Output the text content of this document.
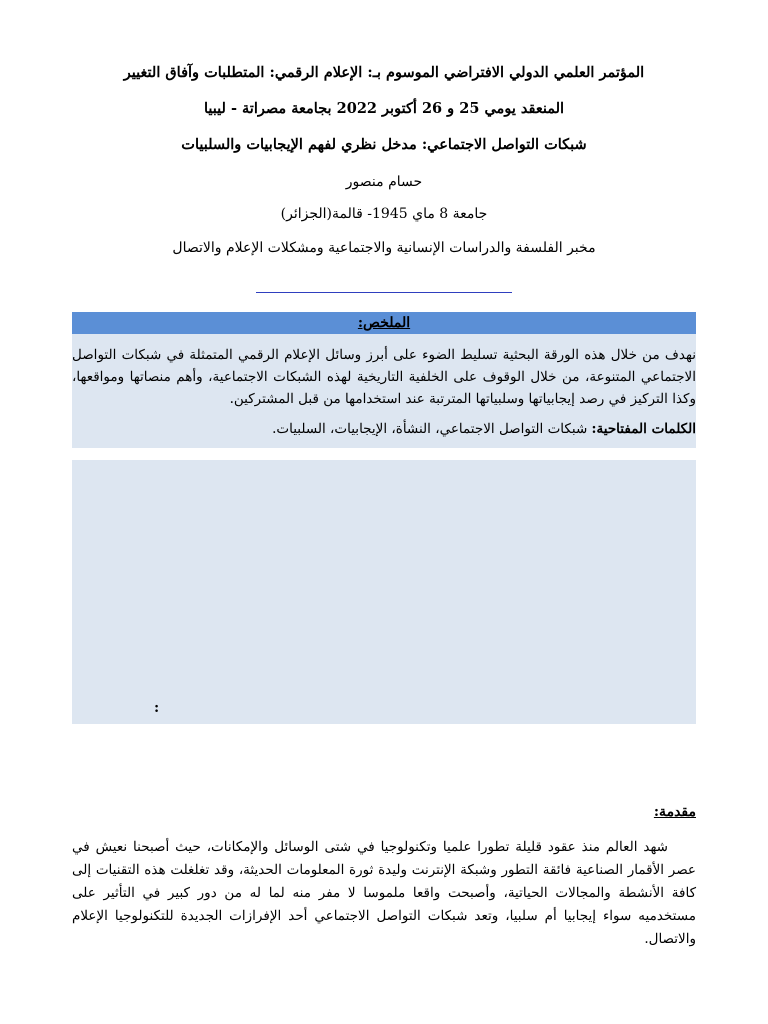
المؤتمر العلمي الدولي الافتراضي الموسوم بـ: الإعلام الرقمي: المتطلبات وآفاق التغيير
المنعقد يومي 25 و 26 أكتوبر 2022 بجامعة مصراتة - ليبيا
شبكات التواصل الاجتماعي: مدخل نظري لفهم الإيجابيات والسلبيات
حسام منصور
جامعة 8 ماي 1945- قالمة(الجزائر)
مخبر الفلسفة والدراسات الإنسانية والاجتماعية ومشكلات الإعلام والاتصال
الملخص:

نهدف من خلال هذه الورقة البحثية تسليط الضوء على أبرز وسائل الإعلام الرقمي المتمثلة في شبكات التواصل الاجتماعي المتنوعة، من خلال الوقوف على الخلفية التاريخية لهذه الشبكات الاجتماعية، وأهم منصاتها ومواقعها، وكذا التركيز في رصد إيجابياتها وسلبياتها المترتبة عند استخدامها من قبل المشتركين.

الكلمات المفتاحية: شبكات التواصل الاجتماعي، النشأة، الإيجابيات، السلبيات.

:
مقدمة:

شهد العالم منذ عقود قليلة تطورا علميا وتكنولوجيا في شتى الوسائل والإمكانات، حيث أصبحنا نعيش في عصر الأقمار الصناعية فائقة التطور وشبكة الإنترنت وليدة ثورة المعلومات الحديثة، وقد تغلغلت هذه التقنيات إلى كافة الأنشطة والمجالات الحياتية، وأصبحت واقعا ملموسا لا مفر منه لما له من دور كبير في التأثير على مستخدميه سواء إيجابيا أم سلبيا، وتعد شبكات التواصل الاجتماعي أحد الإفرازات الجديدة للتكنولوجيا الإعلام والاتصال.
